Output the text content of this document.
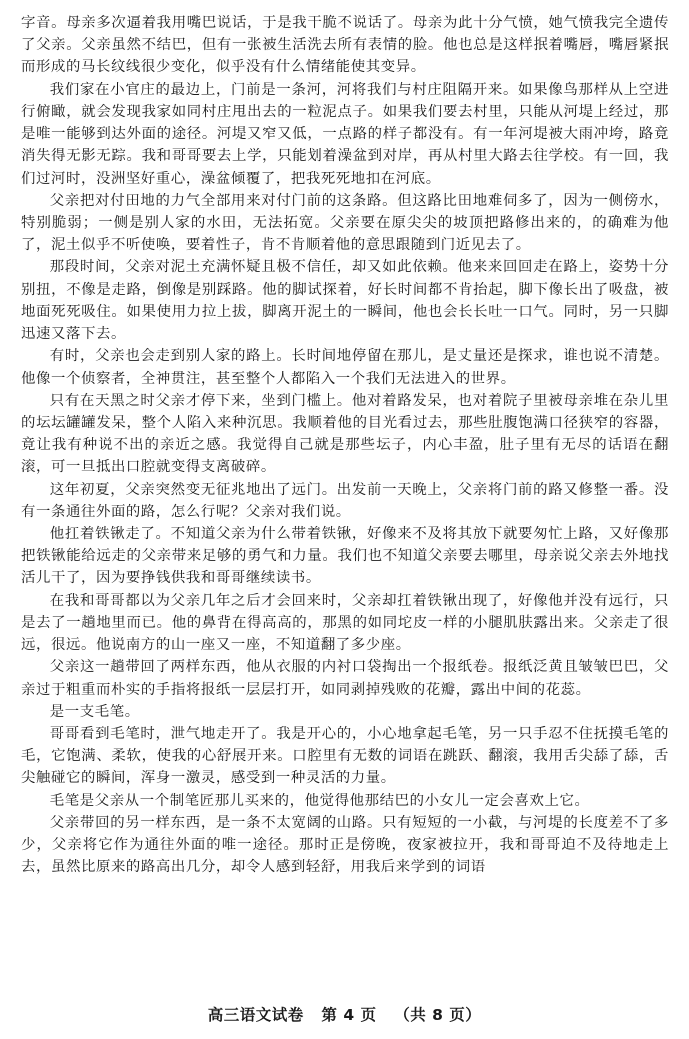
字音。母亲多次逼着我用嘴巴说话，于是我干脆不说话了。母亲为此十分气愤，她气愤我完全遗传了父亲。父亲虽然不结巴，但有一张被生活洗去所有表情的脸。他也总是这样抿着嘴唇，嘴唇紧抿而形成的马长纹线很少变化，似乎没有什么情绪能使其变异。

我们家在小官庄的最边上，门前是一条河，河将我们与村庄阻隔开来。如果像鸟那样从上空进行俯瞰，就会发现我家如同村庄甩出去的一粒泥点子。如果我们要去村里，只能从河堤上经过，那是唯一能够到达外面的途径。河堤又窄又低，一点路的样子都没有。有一年河堤被大雨冲垮，路竟消失得无影无踪。我和哥哥要去上学，只能划着澡盆到对岸，再从村里大路去往学校。有一回，我们过河时，没洲坚好重心，澡盆倾覆了，把我死死地扣在河底。

父亲把对付田地的力气全部用来对付门前的这条路。但这路比田地难伺多了，因为一侧傍水，特别脆弱；一侧是别人家的水田，无法拓宽。父亲要在原尖尖的坡顶把路修出来的，的确难为他了，泥土似乎不听使唤，要着性子，肯不肯顺着他的意思跟随到门近见去了。

那段时间，父亲对泥土充满怀疑且极不信任，却又如此依赖。他来来回回走在路上，姿势十分别扭，不像是走路，倒像是别踩路。他的脚试探着，好长时间都不肯抬起，脚下像长出了吸盘，被地面死死吸住。如果使用力拉上拔，脚离开泥土的一瞬间，他也会长长吐一口气。同时，另一只脚迅速又落下去。

有时，父亲也会走到别人家的路上。长时间地停留在那儿，是丈量还是探求，谁也说不清楚。他像一个侦察者，全神贯注，甚至整个人都陷入一个我们无法进入的世界。

只有在天黑之时父亲才停下来，坐到门槛上。他对着路发呆，也对着院子里被母亲堆在杂儿里的坛坛罐罐发呆，整个人陷入来种沉思。我顺着他的目光看过去，那些肚腹饱满口径狭窄的容器，竟让我有种说不出的亲近之感。我觉得自己就是那些坛子，内心丰盈，肚子里有无尽的话语在翻滚，可一旦抵出口腔就变得支离破碎。

这年初夏，父亲突然变无征兆地出了远门。出发前一天晚上，父亲将门前的路又修整一番。没有一条通往外面的路，怎么行呢？父亲对我们说。

他扛着铁锹走了。不知道父亲为什么带着铁锹，好像来不及将其放下就要匆忙上路，又好像那把铁锹能给远走的父亲带来足够的勇气和力量。我们也不知道父亲要去哪里，母亲说父亲去外地找活儿干了，因为要挣钱供我和哥哥继续读书。

在我和哥哥都以为父亲几年之后才会回来时，父亲却扛着铁锹出现了，好像他并没有远行，只是去了一趟地里而已。他的鼻背在得高高的，那黑的如同坨皮一样的小腿肌肤露出来。父亲走了很远，很远。他说南方的山一座又一座，不知道翻了多少座。

父亲这一趟带回了两样东西，他从衣服的内衬口袋掏出一个报纸卷。报纸泛黄且皱皱巴巴，父亲过于粗重而朴实的手指将报纸一层层打开，如同剥掉残败的花瓣，露出中间的花蕊。

是一支毛笔。

哥哥看到毛笔时，泄气地走开了。我是开心的，小心地拿起毛笔，另一只手忍不住抚摸毛笔的毛，它饱满、柔软，使我的心舒展开来。口腔里有无数的词语在跳跃、翻滚，我用舌尖舔了舔，舌尖触碰它的瞬间，浑身一激灵，感受到一种灵活的力量。

毛笔是父亲从一个制笔匠那儿买来的，他觉得他那结巴的小女儿一定会喜欢上它。

父亲带回的另一样东西，是一条不太宽阔的山路。只有短短的一小截，与河堤的长度差不了多少，父亲将它作为通往外面的唯一途径。那时正是傍晚，夜家被拉开，我和哥哥迫不及待地走上去，虽然比原来的路高出几分，却令人感到轻舒，用我后来学到的词语

高三语文试卷 第 4 页 （共 8 页）
